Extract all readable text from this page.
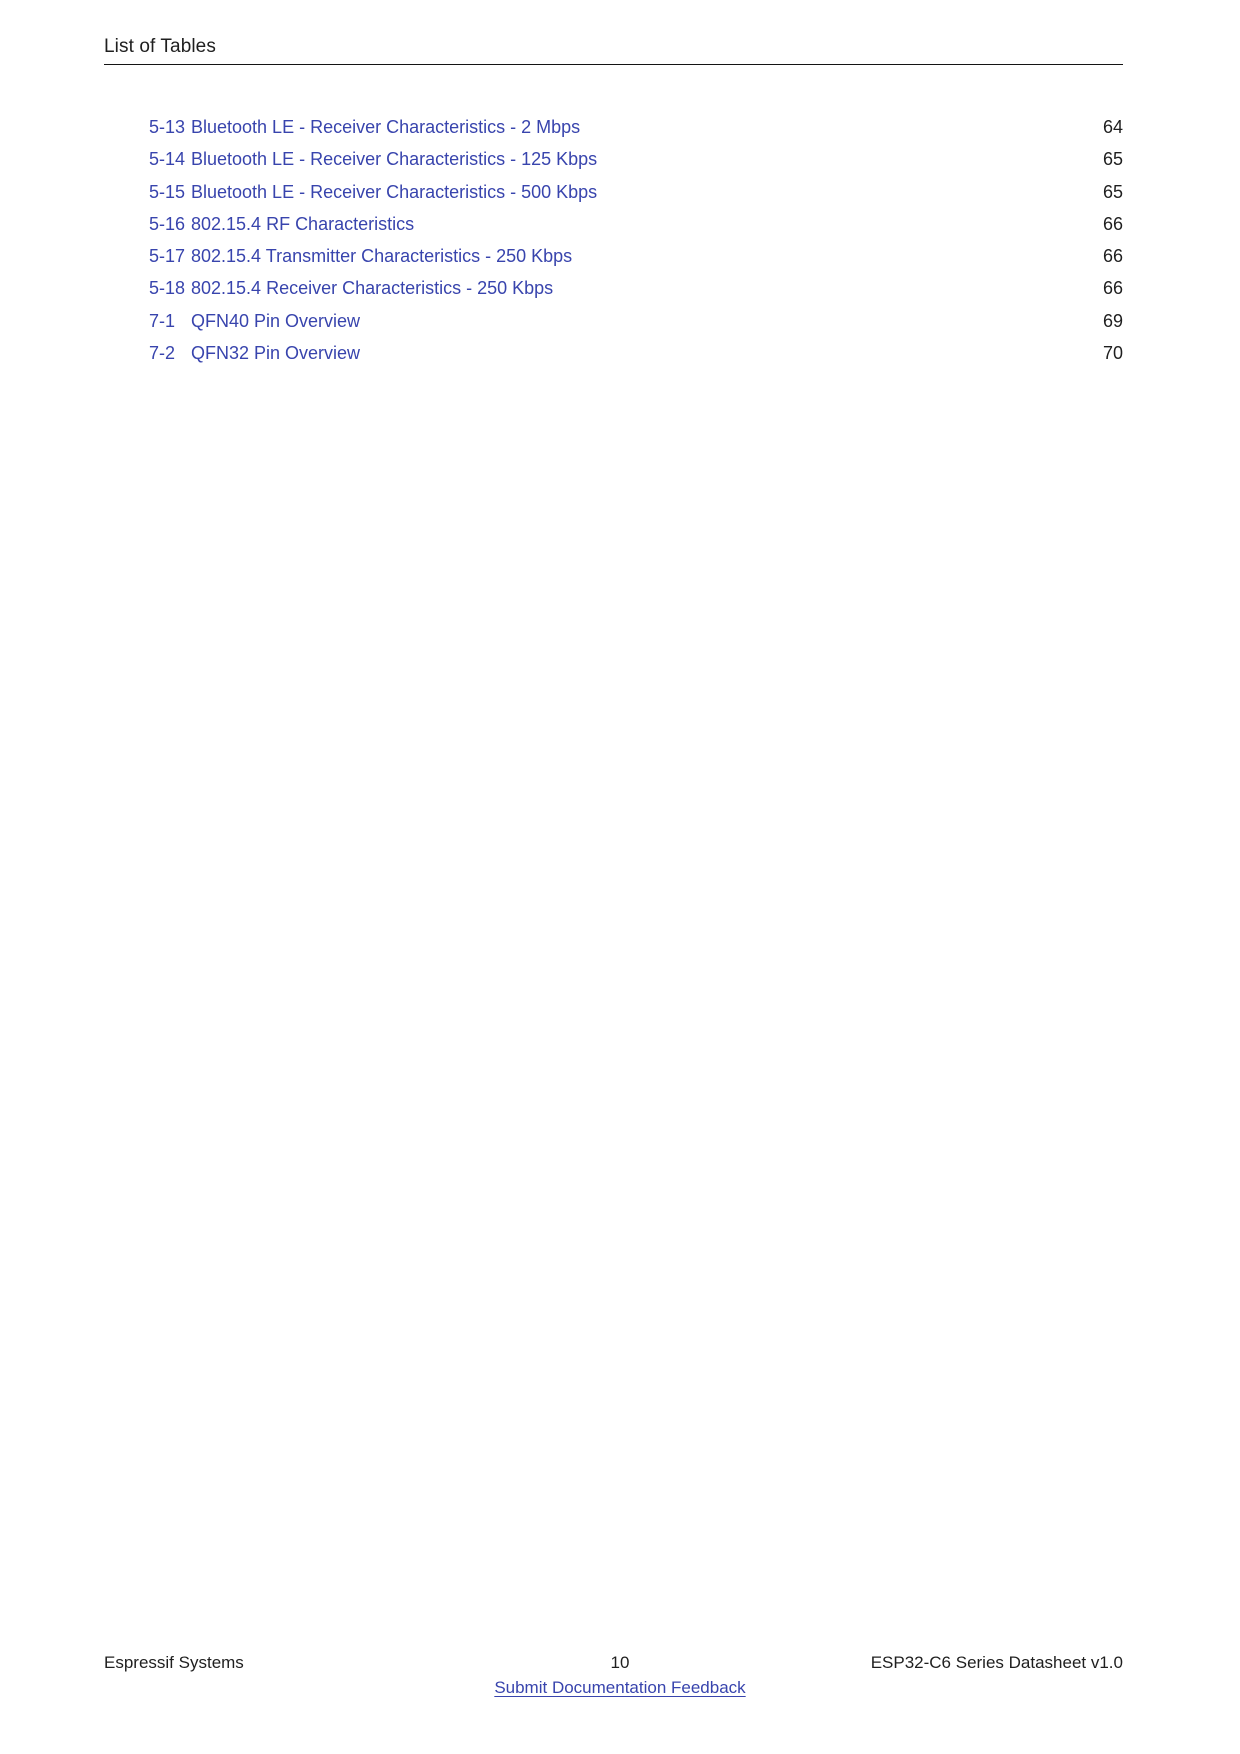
List of Tables
5-13 Bluetooth LE - Receiver Characteristics - 2 Mbps	64
5-14 Bluetooth LE - Receiver Characteristics - 125 Kbps	65
5-15 Bluetooth LE - Receiver Characteristics - 500 Kbps	65
5-16 802.15.4 RF Characteristics	66
5-17 802.15.4 Transmitter Characteristics - 250 Kbps	66
5-18 802.15.4 Receiver Characteristics - 250 Kbps	66
7-1 QFN40 Pin Overview	69
7-2 QFN32 Pin Overview	70
Espressif Systems	10	ESP32-C6 Series Datasheet v1.0
Submit Documentation Feedback
